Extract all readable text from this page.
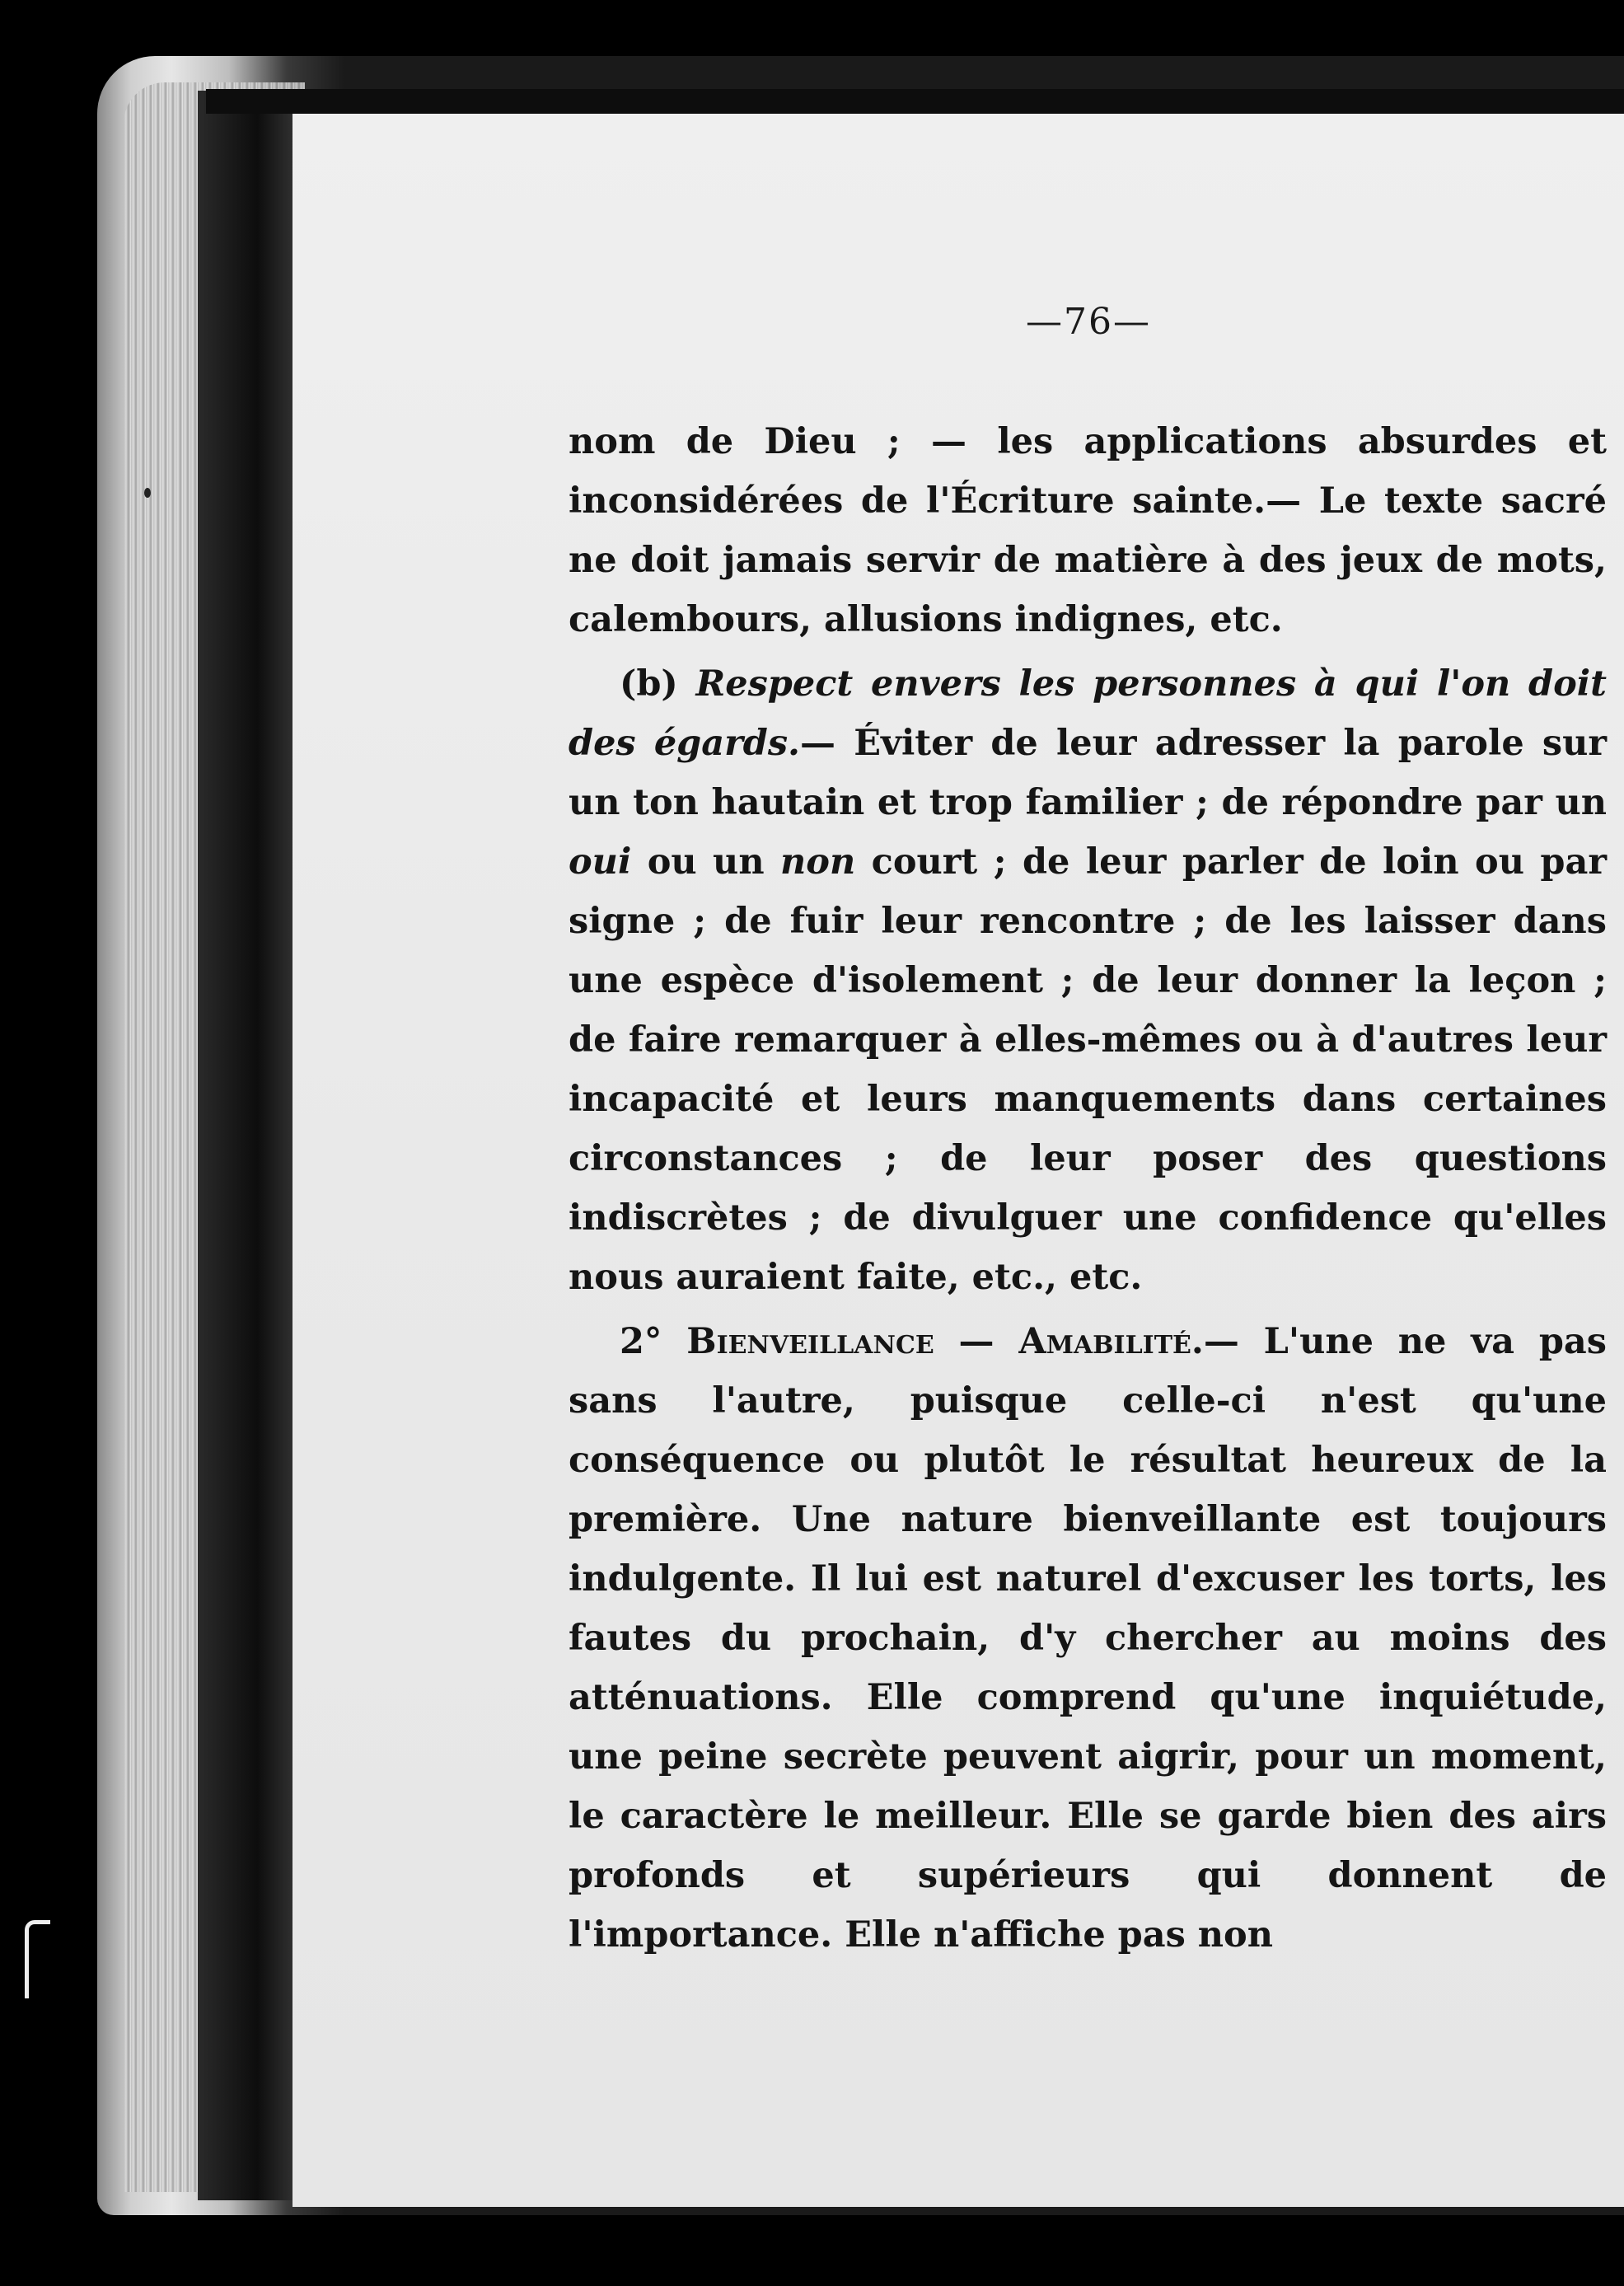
—76—

nom de Dieu ; — les applications absurdes et inconsidérées de l'Écriture sainte.— Le texte sacré ne doit jamais servir de matière à des jeux de mots, calembours, allusions indignes, etc.

(b) Respect envers les personnes à qui l'on doit des égards.— Éviter de leur adresser la parole sur un ton hautain et trop familier ; de répondre par un oui ou un non court ; de leur parler de loin ou par signe ; de fuir leur rencontre ; de les laisser dans une espèce d'isolement ; de leur donner la leçon ; de faire remarquer à elles-mêmes ou à d'autres leur incapacité et leurs manquements dans certaines circonstances ; de leur poser des questions indiscrètes ; de divulguer une confidence qu'elles nous auraient faite, etc., etc.

2° Bienveillance — Amabilité.— L'une ne va pas sans l'autre, puisque celle-ci n'est qu'une conséquence ou plutôt le résultat heureux de la première. Une nature bienveillante est toujours indulgente. Il lui est naturel d'excuser les torts, les fautes du prochain, d'y chercher au moins des atténuations. Elle comprend qu'une inquiétude, une peine secrète peuvent aigrir, pour un moment, le caractère le meilleur. Elle se garde bien des airs profonds et supérieurs qui donnent de l'importance. Elle n'affiche pas non
